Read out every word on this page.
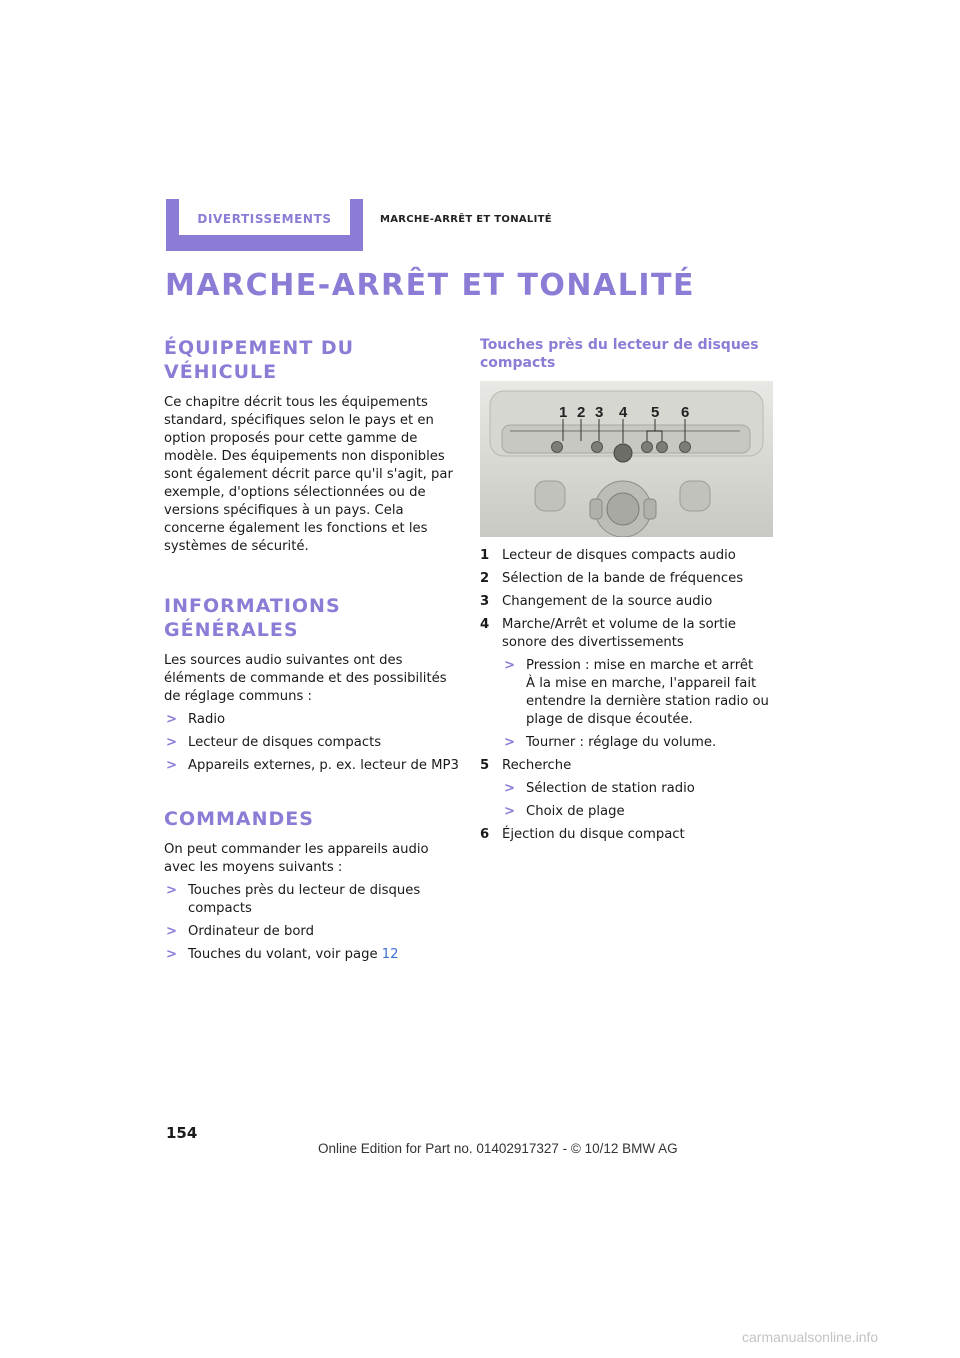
DIVERTISSEMENTS	MARCHE-ARRÊT ET TONALITÉ
MARCHE-ARRÊT ET TONALITÉ
ÉQUIPEMENT DU VÉHICULE

Ce chapitre décrit tous les équipements standard, spécifiques selon le pays et en option proposés pour cette gamme de modèle. Des équipements non disponibles sont également décrit parce qu'il s'agit, par exemple, d'options sélectionnées ou de versions spécifiques à un pays. Cela concerne également les fonctions et les systèmes de sécurité.

INFORMATIONS GÉNÉRALES

Les sources audio suivantes ont des éléments de commande et des possibilités de réglage communs :

> Radio
> Lecteur de disques compacts
> Appareils externes, p. ex. lecteur de MP3
COMMANDES

On peut commander les appareils audio avec les moyens suivants :

> Touches près du lecteur de disques compacts
> Ordinateur de bord
> Touches du volant, voir page 12
Touches près du lecteur de disques compacts
1 2 3 4 5 6
1 Lecteur de disques compacts audio
2 Sélection de la bande de fréquences
3 Changement de la source audio
4 Marche/Arrêt et volume de la sortie sonore des divertissements
> Pression : mise en marche et arrêt
À la mise en marche, l'appareil fait entendre la dernière station radio ou plage de disque écoutée.
> Tourner : réglage du volume.
5 Recherche
> Sélection de station radio
> Choix de plage
6 Éjection du disque compact
154
Online Edition for Part no. 01402917327 - © 10/12 BMW AG
carmanualsonline.info
